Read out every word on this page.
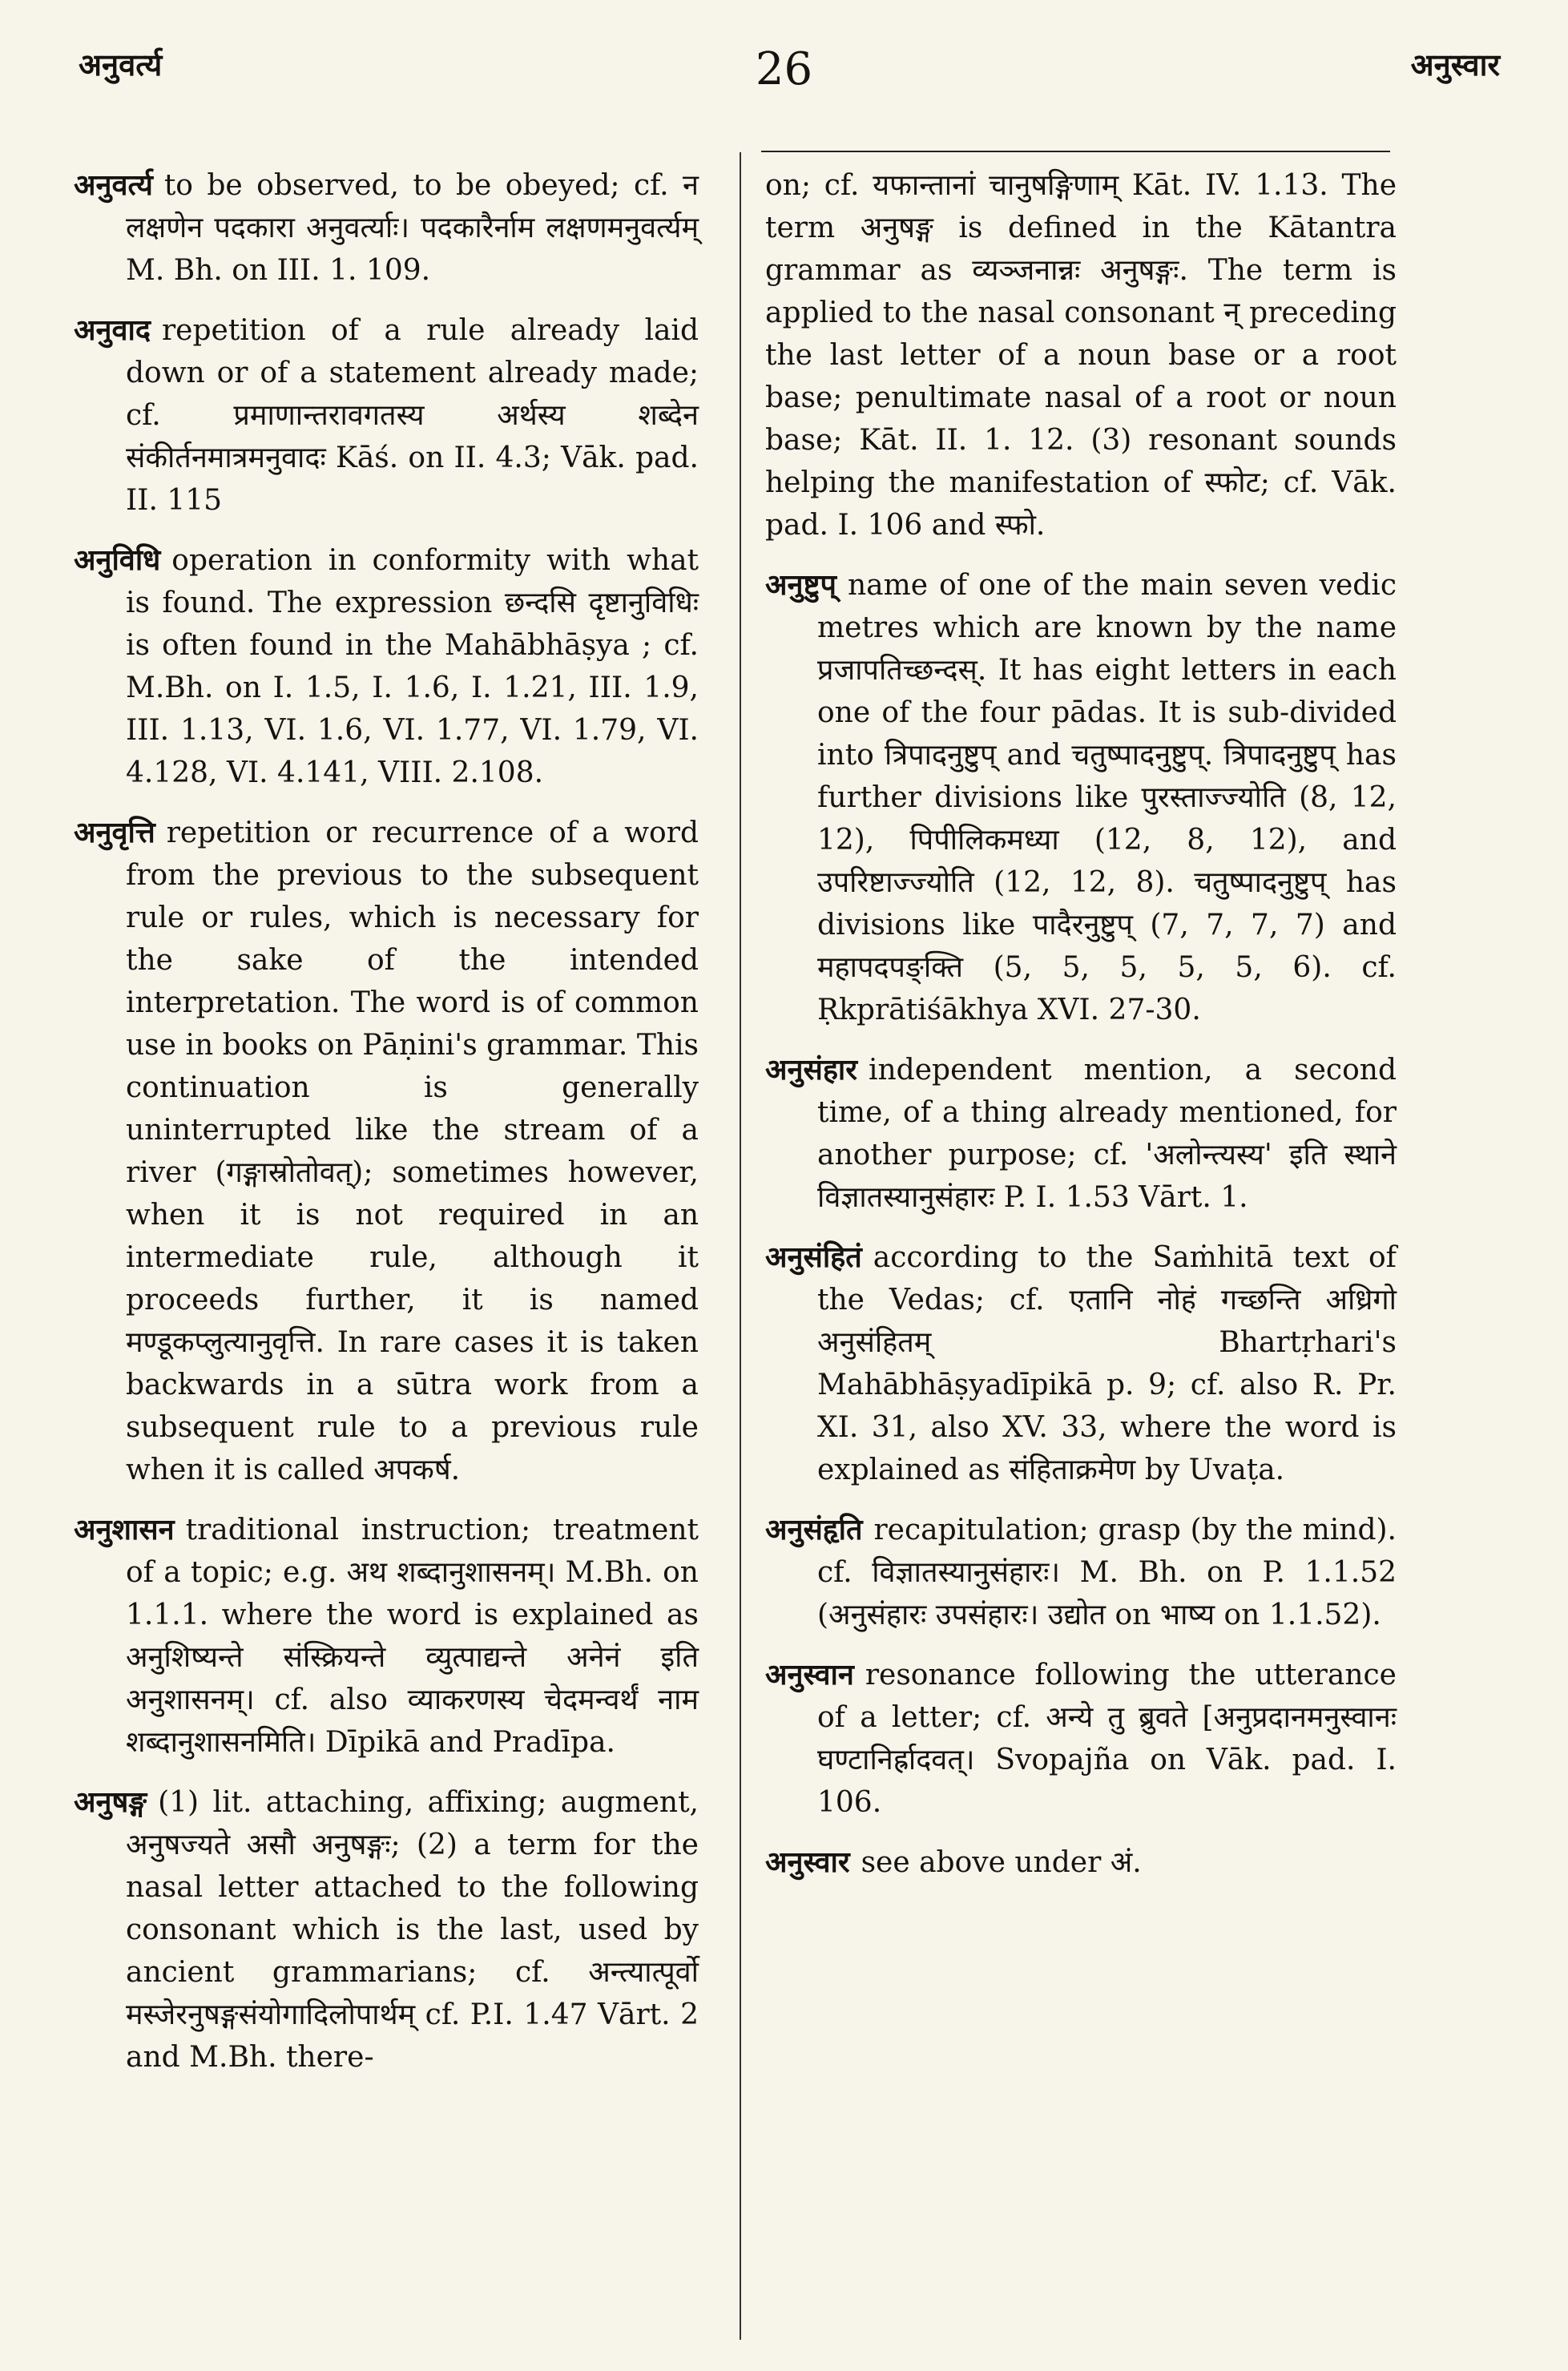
26
अनुवर्त्य	अनुस्वार

अनुवर्त्य to be observed, to be obeyed; cf. न लक्षणेन पदकारा अनुवर्त्याः। पदकारैर्नाम लक्षणमनुवर्त्यम् M. Bh. on III. 1. 109.

अनुवाद repetition of a rule already laid down or of a statement already made; cf. प्रमाणान्तरावगतस्य अर्थस्य शब्देन संकीर्तनमात्रमनुवादः Kāś. on II. 4.3; Vāk. pad. II. 115

अनुविधि operation in conformity with what is found. The expression छन्दसि दृष्टानुविधिः is often found in the Mahābhāṣya ; cf. M.Bh. on I. 1.5, I. 1.6, I. 1.21, III. 1.9, III. 1.13, VI. 1.6, VI. 1.77, VI. 1.79, VI. 4.128, VI. 4.141, VIII. 2.108.

अनुवृत्ति repetition or recurrence of a word from the previous to the subsequent rule or rules, which is necessary for the sake of the intended interpretation. The word is of common use in books on Pāṇini's grammar. This continuation is generally uninterrupted like the stream of a river (गङ्गास्रोतोवत्); sometimes however, when it is not required in an intermediate rule, although it proceeds further, it is named मण्डूकप्लुत्यानुवृत्ति. In rare cases it is taken backwards in a sūtra work from a subsequent rule to a previous rule when it is called अपकर्ष.

अनुशासन traditional instruction; treatment of a topic; e.g. अथ शब्दानुशासनम्। M.Bh. on 1.1.1. where the word is explained as अनुशिष्यन्ते संस्क्रियन्ते व्युत्पाद्यन्ते अनेनं इति अनुशासनम्। cf. also व्याकरणस्य चेदमन्वर्थं नाम शब्दानुशासनमिति। Dīpikā and Pradīpa.

अनुषङ्ग (1) lit. attaching, affixing; augment, अनुषज्यते असौ अनुषङ्गः; (2) a term for the nasal letter attached to the following consonant which is the last, used by ancient grammarians; cf. अन्त्यात्पूर्वो मस्जेरनुषङ्गसंयोगादिलोपार्थम् cf. P.I. 1.47 Vārt. 2 and M.Bh. there-

on; cf. यफान्तानां चानुषङ्गिणाम् Kāt. IV. 1.13. The term अनुषङ्ग is defined in the Kātantra grammar as व्यञ्जनान्नः अनुषङ्गः. The term is applied to the nasal consonant न् preceding the last letter of a noun base or a root base; penultimate nasal of a root or noun base; Kāt. II. 1. 12. (3) resonant sounds helping the manifestation of स्फोट; cf. Vāk. pad. I. 106 and स्फो.

अनुष्टुप् name of one of the main seven vedic metres which are known by the name प्रजापतिच्छन्दस्. It has eight letters in each one of the four pādas. It is sub-divided into त्रिपादनुष्टुप् and चतुष्पादनुष्टुप्. त्रिपादनुष्टुप् has further divisions like पुरस्ताज्ज्योति (8, 12, 12), पिपीलिकमध्या (12, 8, 12), and उपरिष्टाज्ज्योति (12, 12, 8). चतुष्पादनुष्टुप् has divisions like पादैरनुष्टुप् (7, 7, 7, 7) and महापदपङ्क्ति (5, 5, 5, 5, 5, 6). cf. Ṛkprātiśākhya XVI. 27-30.

अनुसंहार independent mention, a second time, of a thing already mentioned, for another purpose; cf. 'अलोन्त्यस्य' इति स्थाने विज्ञातस्यानुसंहारः P. I. 1.53 Vārt. 1.

अनुसंहितं according to the Saṁhitā text of the Vedas; cf. एतानि नोहं गच्छन्ति अध्रिगो अनुसंहितम् Bhartṛhari's Mahābhāṣyadīpikā p. 9; cf. also R. Pr. XI. 31, also XV. 33, where the word is explained as संहिताक्रमेण by Uvaṭa.

अनुसंहृति recapitulation; grasp (by the mind). cf. विज्ञातस्यानुसंहारः। M. Bh. on P. 1.1.52 (अनुसंहारः उपसंहारः। उद्योत on भाष्य on 1.1.52).

अनुस्वान resonance following the utterance of a letter; cf. अन्ये तु ब्रुवते [अनुप्रदानमनुस्वानः घण्टानिर्ह्रादवत्। Svopajña on Vāk. pad. I. 106.

अनुस्वार see above under अं.
